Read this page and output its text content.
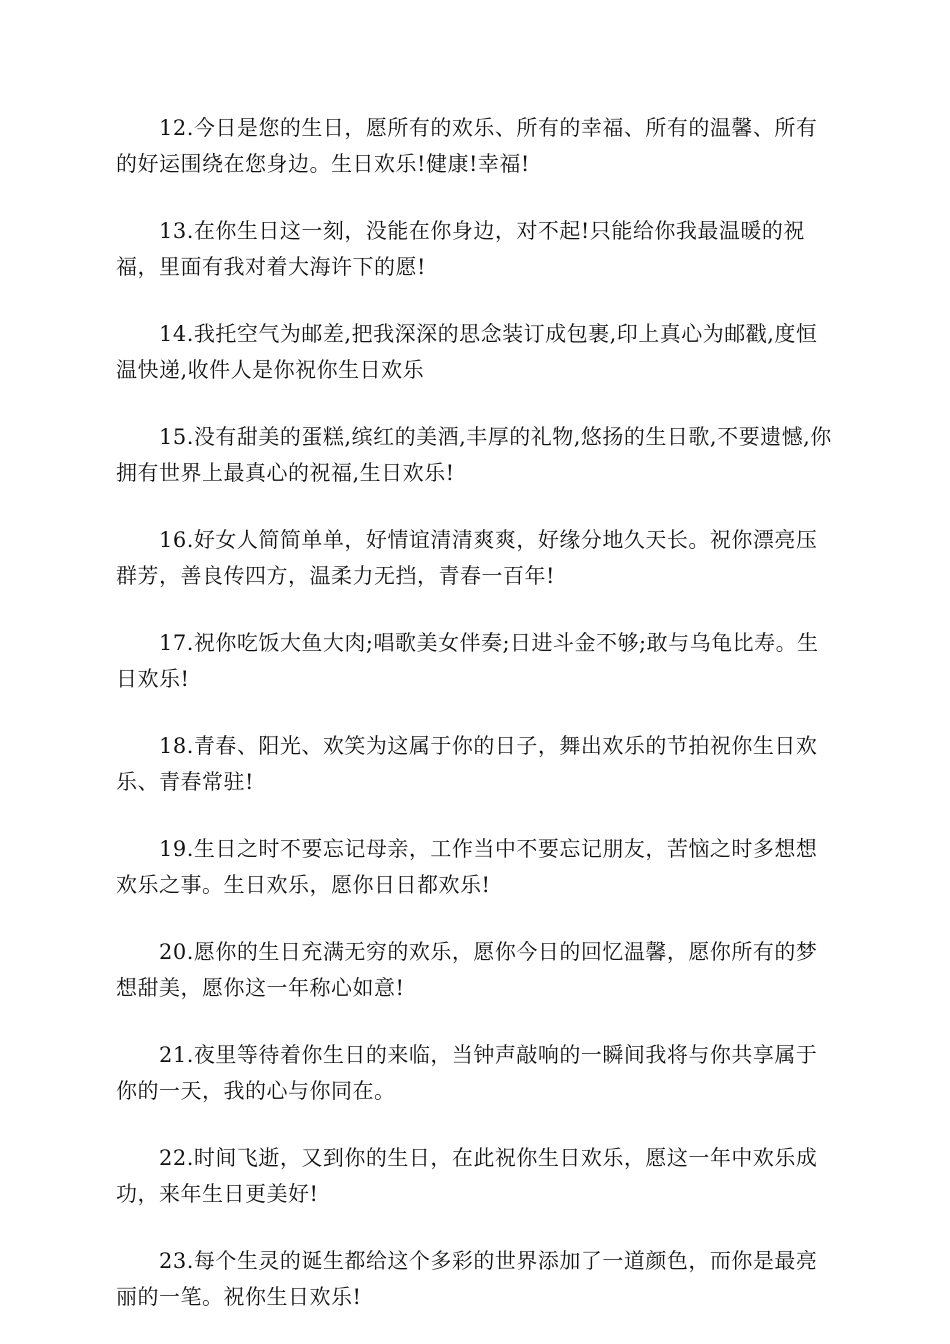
12.今日是您的生日，愿所有的欢乐、所有的幸福、所有的温馨、所有的好运围绕在您身边。生日欢乐!健康!幸福!

13.在你生日这一刻，没能在你身边，对不起!只能给你我最温暖的祝福，里面有我对着大海许下的愿!

14.我托空气为邮差,把我深深的思念装订成包裹,印上真心为邮戳,度恒温快递,收件人是你祝你生日欢乐

15.没有甜美的蛋糕,缤红的美酒,丰厚的礼物,悠扬的生日歌,不要遗憾,你拥有世界上最真心的祝福,生日欢乐!

16.好女人简简单单，好情谊清清爽爽，好缘分地久天长。祝你漂亮压群芳，善良传四方，温柔力无挡，青春一百年!

17.祝你吃饭大鱼大肉;唱歌美女伴奏;日进斗金不够;敢与乌龟比寿。生日欢乐!

18.青春、阳光、欢笑为这属于你的日子，舞出欢乐的节拍祝你生日欢乐、青春常驻!

19.生日之时不要忘记母亲，工作当中不要忘记朋友，苦恼之时多想想欢乐之事。生日欢乐，愿你日日都欢乐!

20.愿你的生日充满无穷的欢乐，愿你今日的回忆温馨，愿你所有的梦想甜美，愿你这一年称心如意!

21.夜里等待着你生日的来临，当钟声敲响的一瞬间我将与你共享属于你的一天，我的心与你同在。

22.时间飞逝，又到你的生日，在此祝你生日欢乐，愿这一年中欢乐成功，来年生日更美好!

23.每个生灵的诞生都给这个多彩的世界添加了一道颜色，而你是最亮丽的一笔。祝你生日欢乐!
